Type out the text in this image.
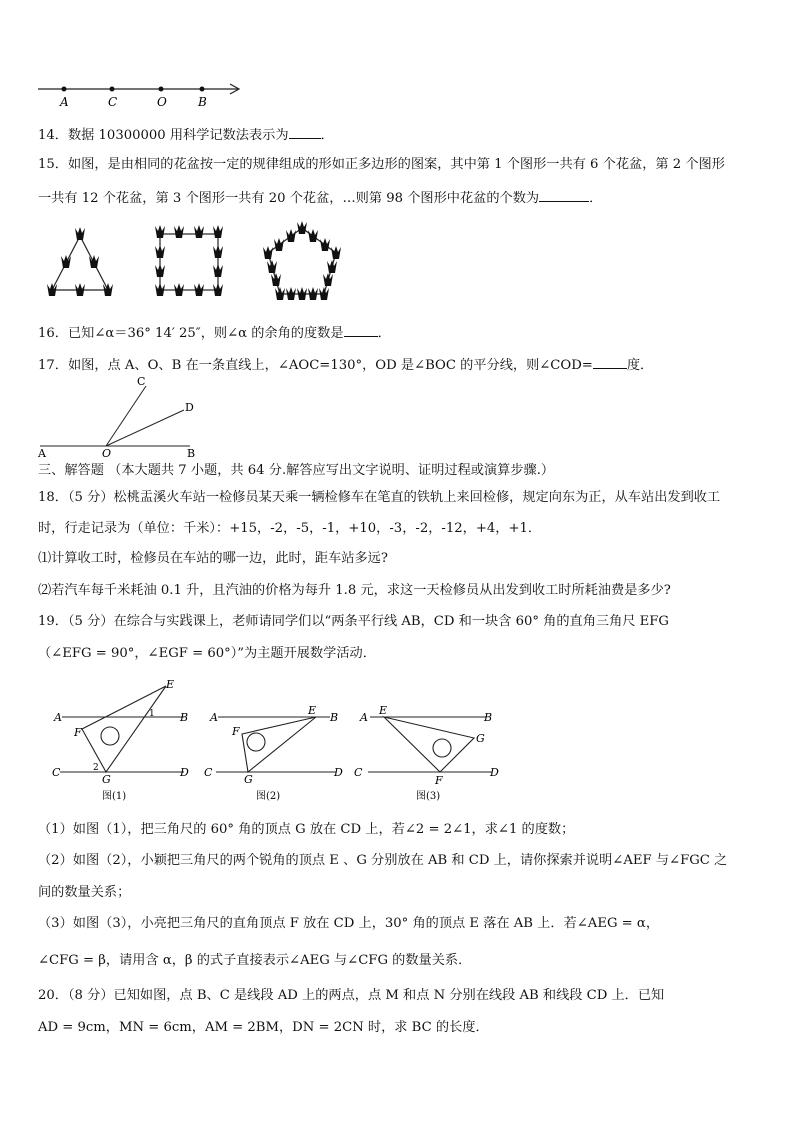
A	C	O	B
14．数据 10300000 用科学记数法表示为 ．
15．如图，是由相同的花盆按一定的规律组成的形如正多边形的图案，其中第 1 个图形一共有 6 个花盆，第 2 个图形
一共有 12 个花盆，第 3 个图形一共有 20 个花盆，…则第 98 个图形中花盆的个数为	．
16．已知∠α＝36° 14′ 25″，则∠α 的余角的度数是	．
17．如图，点 A、O、B 在一条直线上，∠AOC=130°，OD 是∠BOC 的平分线，则∠COD=	度．
A	O	B
C
D
三、解答题 （本大题共 7 小题，共 64 分.解答应写出文字说明、证明过程或演算步骤.）
18．（5 分）松桃盂溪火车站一检修员某天乘一辆检修车在笔直的铁轨上来回检修，规定向东为正，从车站出发到收工
时，行走记录为（单位：千米）：+15，-2，-5，-1，+10，-3，-2，-12，+4，+1．
⑴计算收工时，检修员在车站的哪一边，此时，距车站多远?
⑵若汽车每千米耗油 0.1 升，且汽油的价格为每升 1.8 元，求这一天检修员从出发到收工时所耗油费是多少?
19．（5 分）在综合与实践课上，老师请同学们以“两条平行线 AB，CD 和一块含 60° 角的直角三角尺 EFG
（∠EFG = 90°，∠EGF = 60°）”为主题开展数学活动．
A	B
C	D
E
F
G
1
2
图(1)
A	B
C	D
E
F
G
图(2)
A	B
C	D
E
F
G
图(3)
（1）如图（1），把三角尺的 60° 角的顶点 G 放在 CD 上，若∠2 = 2∠1，求∠1 的度数；
（2）如图（2），小颖把三角尺的两个锐角的顶点 E 、G 分别放在 AB 和 CD 上，请你探索并说明∠AEF 与∠FGC 之
间的数量关系；
（3）如图（3），小亮把三角尺的直角顶点 F 放在 CD 上，30° 角的顶点 E 落在 AB 上．若∠AEG = α，
∠CFG = β，请用含 α，β 的式子直接表示∠AEG 与∠CFG 的数量关系．
20．（8 分）已知如图，点 B、C 是线段 AD 上的两点，点 M 和点 N 分别在线段 AB 和线段 CD 上．已知
AD = 9cm，MN = 6cm，AM = 2BM，DN = 2CN 时，求 BC 的长度．
